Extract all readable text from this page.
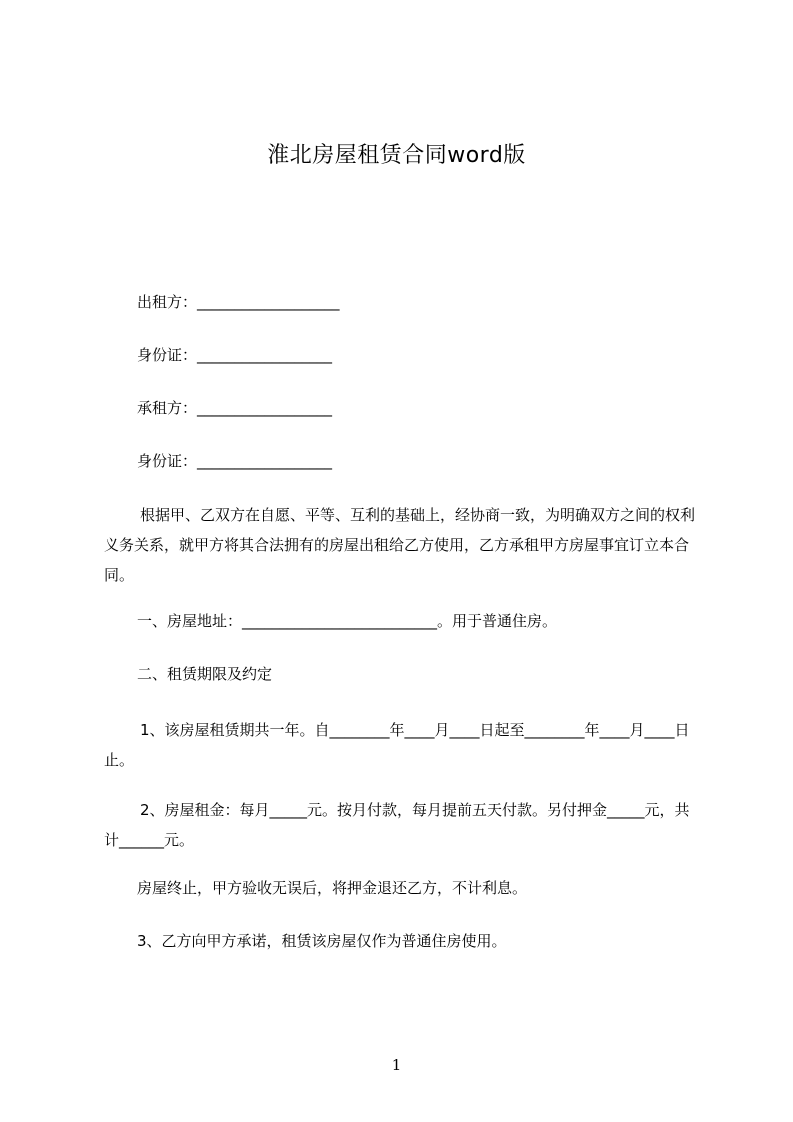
淮北房屋租赁合同word版
出租方：___________________
身份证：__________________
承租方：__________________
身份证：__________________
根据甲、乙双方在自愿、平等、互利的基础上，经协商一致，为明确双方之间的权利义务关系，就甲方将其合法拥有的房屋出租给乙方使用，乙方承租甲方房屋事宜订立本合同。
一、房屋地址：__________________________。用于普通住房。
二、租赁期限及约定
1、该房屋租赁期共一年。自________年____月____日起至________年____月____日止。
2、房屋租金：每月_____元。按月付款，每月提前五天付款。另付押金_____元，共计______元。
房屋终止，甲方验收无误后，将押金退还乙方，不计利息。
3、乙方向甲方承诺，租赁该房屋仅作为普通住房使用。
1
